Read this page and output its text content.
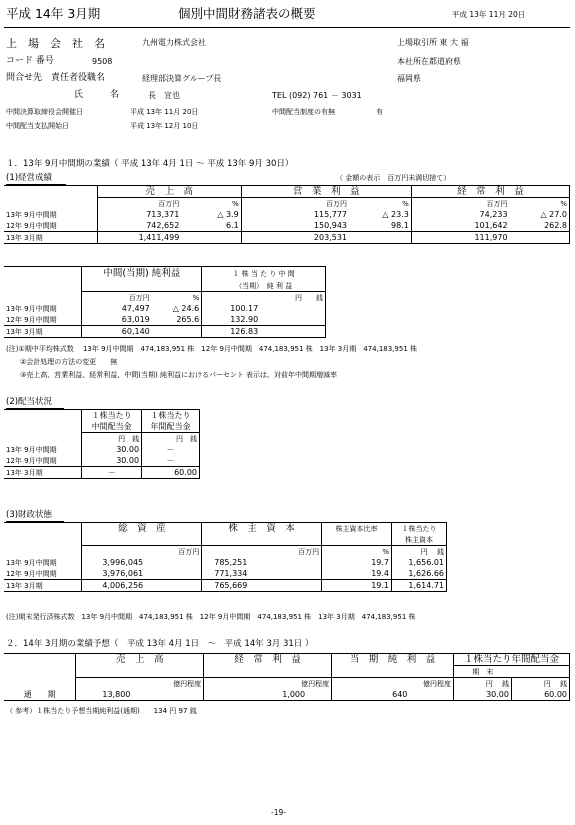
平成 14年 3月期	個別中間財務諸表の概要	平成 13年 11月 20日
上　場　会　社　名	九州電力株式会社	上場取引所 東 大 福
コード 番号	9508	本社所在都道府県
問合せ先　責任者役職名	経理部決算グループ長	福岡県
氏　　　名	長　宣也	TEL (092) 761 － 3031
中間決算取締役会開催日	平成 13年 11月 20日	中間配当制度の有無	有
中間配当支払開始日	平成 13年 12月 10日
１．13年 9月中間期の業績（ 平成 13年 4月 1日 ～ 平成 13年 9月 30日）
(1)経営成績	（ 金額の表示　百万円未満切捨て）
	売　上　高		営　業　利　益		経　常　利　益	
	百万円	%	百万円	%	百万円	%
13年 9月中間期	713,371	△ 3.9	115,777	△ 23.3	74,233	△ 27.0
12年 9月中間期	742,652	6.1	150,943	98.1	101,642	262.8
13年 3月期	1,411,499		203,531		111,970	
	中間(当期) 純利益		１ 株 当 た り 中 間
			（当期）　純 利 益
	百万円	%	円　　銭
13年 9月中間期	47,497	△ 24.6	100.17
12年 9月中間期	63,019	265.6	132.90
13年 3月期	60,140		126.83
(注)①期中平均株式数　 13年 9月中間期　474,183,951 株　12年 9月中間期　474,183,951 株　13年 3月期　474,183,951 株
②会計処理の方法の変更　　無
③売上高、営業利益、経常利益、中間(当期) 純利益におけるパーセント 表示は、対前年中間期増減率
(2)配当状況
	１株当たり	１株当たり
	中間配当金	年間配当金
	円　銭	円　銭
13年 9月中間期	30.00	－
12年 9月中間期	30.00	－
13年 3月期	－	60.00
(3)財政状態
	総　資　産	株　主　資　本	株主資本比率	１株当たり
				株主資本
	百万円	百万円	%	円　 銭
13年 9月中間期	3,996,045	785,251	19.7	1,656.01
12年 9月中間期	3,976,061	771,334	19.4	1,626.66
13年 3月期	4,006,256	765,669	19.1	1,614.71
(注)期末発行済株式数　13年 9月中間期　474,183,951 株　12年 9月中間期　474,183,951 株　13年 3月期　474,183,951 株
２．14年 3月期の業績予想（　平成 13年 4月 1日　～　平成 14年 3月 31日 ）
	売　上　高	経　常　利　益	当　期　純　利　益	１株当たり年間配当金	
				期　末	
	億円程度	億円程度	億円程度	円　 銭	円　 銭
通　　期	13,800	1,000	640	30.00	60.00
（ 参考）１株当たり予想当期純利益(通期)　　134 円 97 銭
-19-
